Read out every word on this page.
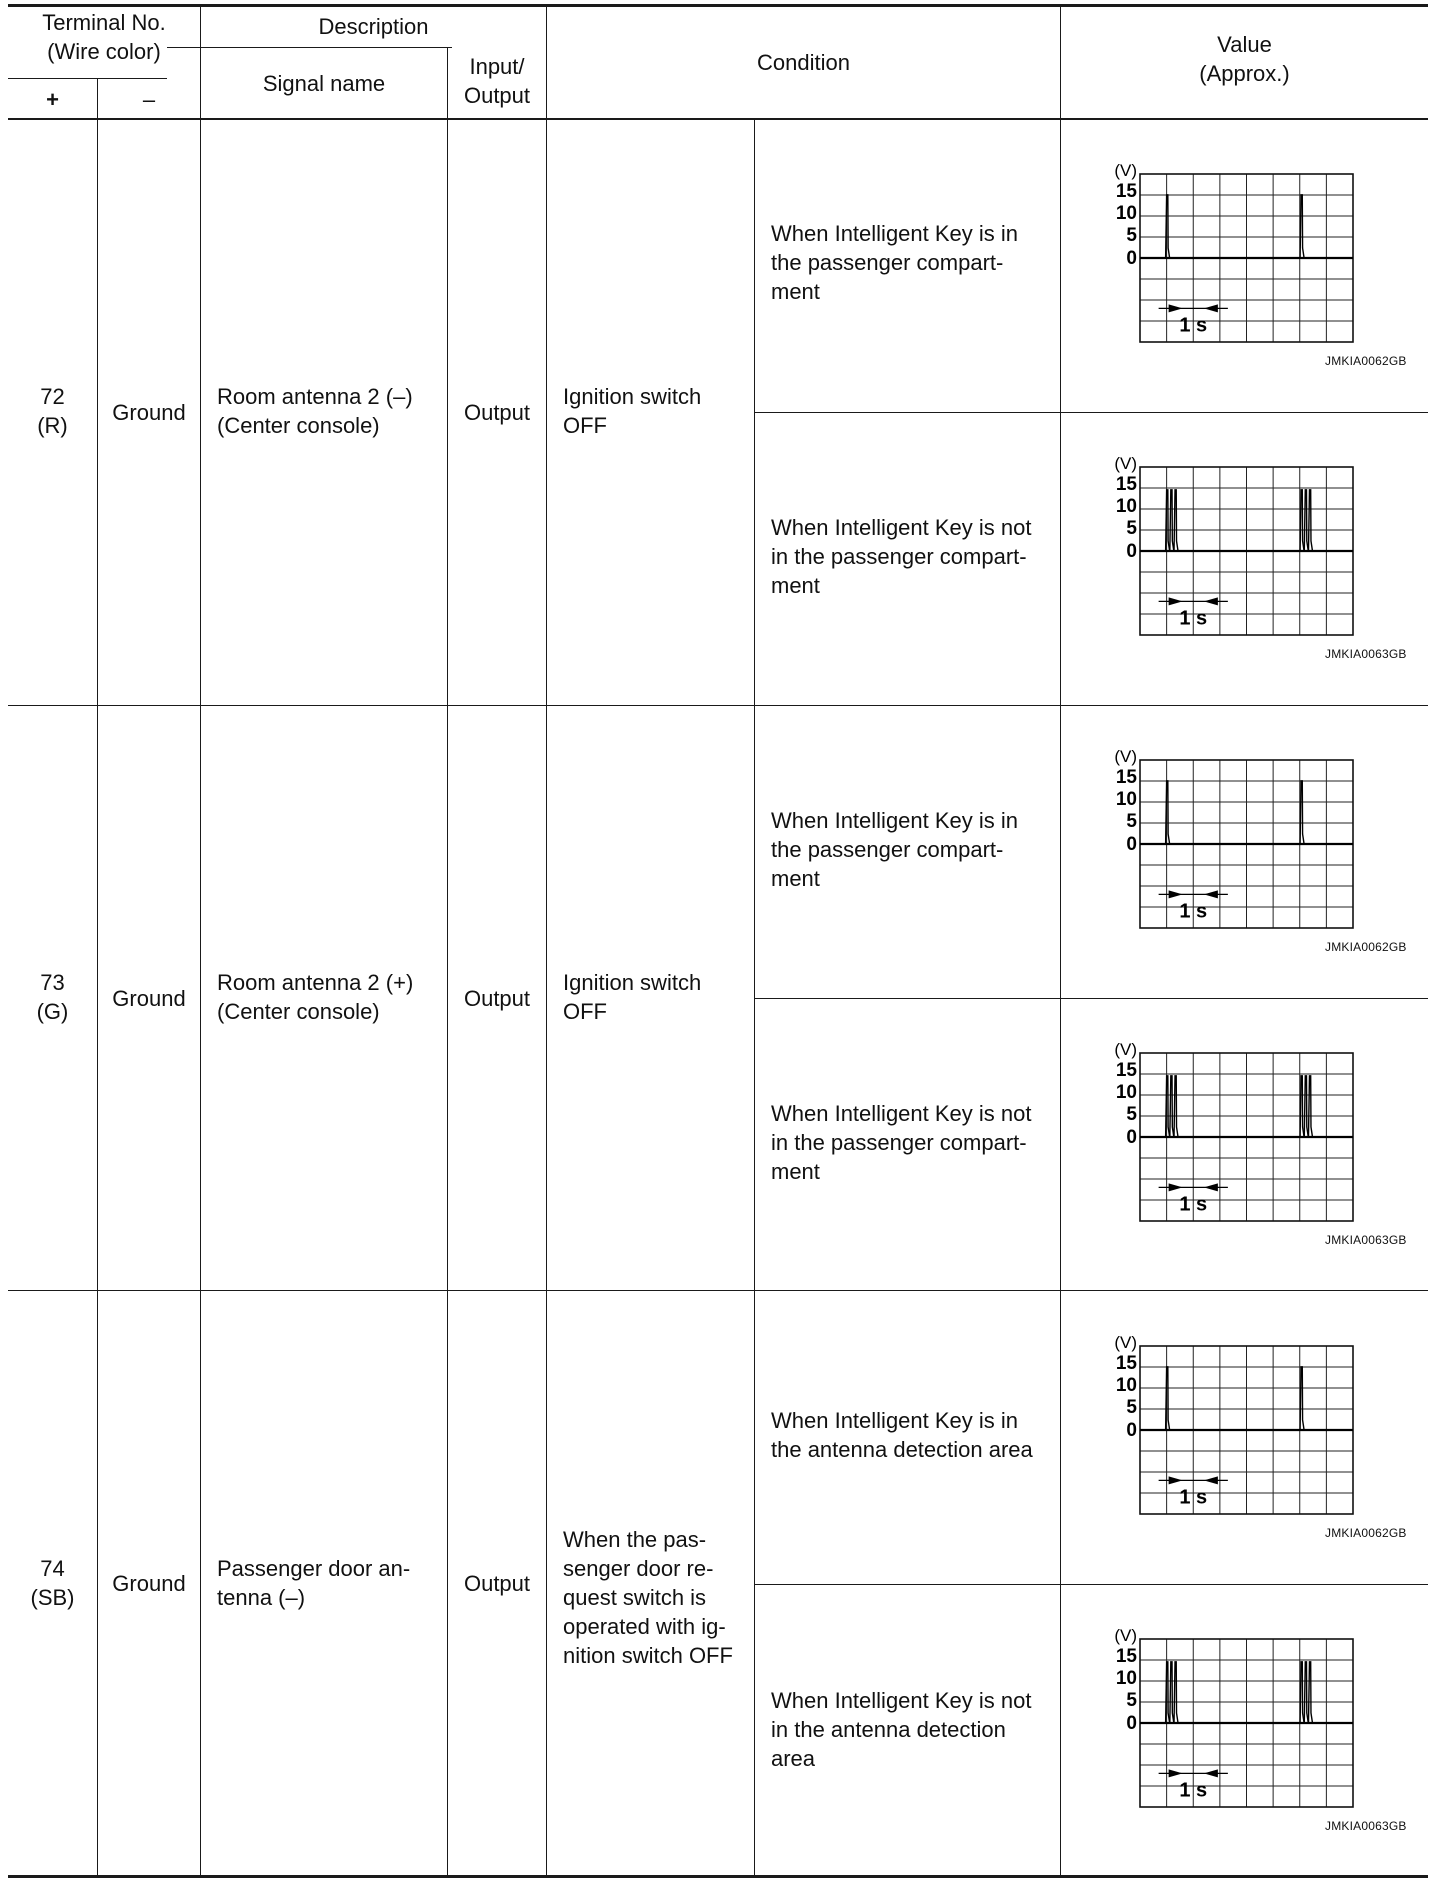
Terminal No.
(Wire color)
+	–
Description
Signal name
Input/
Output
Condition
Value
(Approx.)
72
(R)
Ground
Room antenna 2 (–)
(Center console)
Output
Ignition switch
OFF
When Intelligent Key is in
the passenger compart-
ment
When Intelligent Key is not
in the passenger compart-
ment
73
(G)
Ground
Room antenna 2 (+)
(Center console)
Output
Ignition switch
OFF
When Intelligent Key is in
the passenger compart-
ment
When Intelligent Key is not
in the passenger compart-
ment
74
(SB)
Ground
Passenger door an-
tenna (–)
Output
When the pas-
senger door re-
quest switch is
operated with ig-
nition switch OFF
When Intelligent Key is in
the antenna detection area
When Intelligent Key is not
in the antenna detection
area
(V)
15
10
5
0
1 s
JMKIA0062GB
(V)
15
10
5
0
1 s
JMKIA0063GB
(V)
15
10
5
0
1 s
JMKIA0062GB
(V)
15
10
5
0
1 s
JMKIA0063GB
(V)
15
10
5
0
1 s
JMKIA0062GB
(V)
15
10
5
0
1 s
JMKIA0063GB
